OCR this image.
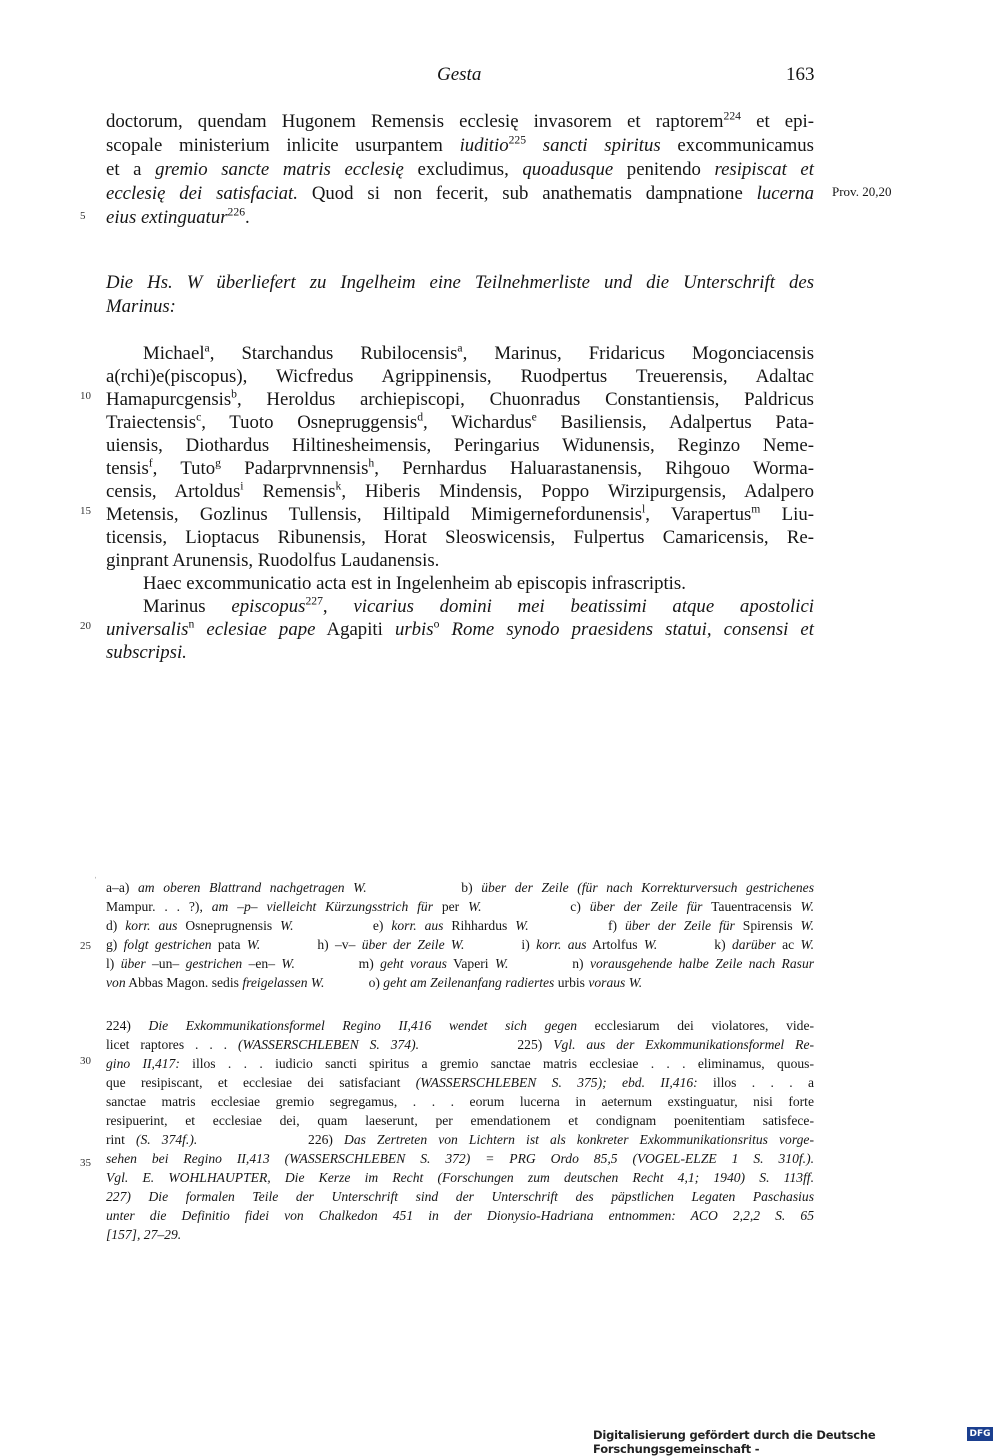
Gesta	163
Prov. 20,20
5
10
15
20
25
30
35
doctorum, quendam Hugonem Remensis ecclesię invasorem et raptorem$^{224}$ et epi-
scopale ministerium inlicite usurpantem iuditio$^{225}$ sancti spiritus excommunicamus
et a gremio sancte matris ecclesię excludimus, quoadusque penitendo resipiscat et
ecclesię dei satisfaciat. Quod si non fecerit, sub anathematis dampnatione lucerna
eius extinguatur$^{226}$.
Die Hs. W überliefert zu Ingelheim eine Teilnehmerliste und die Unterschrift des
Marinus:
Michael$^a$, Starchandus Rubilocensis$^a$, Marinus, Fridaricus Mogonciacensis
a(rchi)e(piscopus), Wicfredus Agrippinensis, Ruodpertus Treuerensis, Adaltac
Hamapurcgensis$^b$, Heroldus archiepiscopi, Chuonradus Constantiensis, Paldricus
Traiectensis$^c$, Tuoto Osnepruggensis$^d$, Wichardus$^e$ Basiliensis, Adalpertus Pata-
uiensis, Diothardus Hiltinesheimensis, Peringarius Widunensis, Reginzo Neme-
tensis$^f$, Tuto$^g$ Padarprvnnensis$^h$, Pernhardus Haluarastanensis, Rihgouo Worma-
censis, Artoldus$^i$ Remensis$^k$, Hiberis Mindensis, Poppo Wirzipurgensis, Adalpero
Metensis, Gozlinus Tullensis, Hiltipald Mimigernefordunensis$^l$, Varapertus$^m$ Liu-
ticensis, Lioptacus Ribunensis, Horat Sleoswicensis, Fulpertus Camaricensis, Re-
ginprant Arunensis, Ruodolfus Laudanensis.
Haec excommunicatio acta est in Ingelenheim ab episcopis infrascriptis.
Marinus episcopus$^{227}$, vicarius domini mei beatissimi atque apostolici
universalis$^n$ eclesiae pape Agapiti urbis$^o$ Rome synodo praesidens statui, consensi et
subscripsi.
ˈ a–a) am oberen Blattrand nachgetragen W.           b) über der Zeile (für nach Korrekturversuch gestrichenes
Mampur. . . ?), am –p– vielleicht Kürzungsstrich für per W.          c) über der Zeile für Tauentracensis W.
d) korr. aus Osneprugnensis W.          e) korr. aus Rihhardus W.          f) über der Zeile für Spirensis W.
g) folgt gestrichen pata W.         h) –v– über der Zeile W.         i) korr. aus Artolfus W.         k) darüber ac W.
l) über –un– gestrichen –en– W.          m) geht voraus Vaperi W.          n) vorausgehende halbe Zeile nach Rasur
von Abbas Magon. sedis freigelassen W.             o) geht am Zeilenanfang radiertes urbis voraus W.
224) Die Exkommunikationsformel Regino II,416 wendet sich gegen ecclesiarum dei violatores, vide-
licet raptores . . . (WASSERSCHLEBEN S. 374).         225) Vgl. aus der Exkommunikationsformel Re-
gino II,417: illos . . . iudicio sancti spiritus a gremio sanctae matris ecclesiae . . . eliminamus, quous-
que resipiscant, et ecclesiae dei satisfaciant (WASSERSCHLEBEN S. 375); ebd. II,416: illos . . . a
sanctae matris ecclesiae gremio segregamus, . . . eorum lucerna in aeternum exstinguatur, nisi forte
resipuerint, et ecclesiae dei, quam laeserunt, per emendationem et condignam poenitentiam satisfece-
rint (S. 374f.).          226) Das Zertreten von Lichtern ist als konkreter Exkommunikationsritus vorge-
sehen bei Regino II,413 (WASSERSCHLEBEN S. 372) = PRG Ordo 85,5 (VOGEL-ELZE 1 S. 310f.).
Vgl. E. WOHLHAUPTER, Die Kerze im Recht (Forschungen zum deutschen Recht 4,1; 1940) S. 113ff.
227) Die formalen Teile der Unterschrift sind der Unterschrift des päpstlichen Legaten Paschasius
unter die Definitio fidei von Chalkedon 451 in der Dionysio-Hadriana entnommen: ACO 2,2,2 S. 65
[157], 27–29.
Digitalisierung gefördert durch die Deutsche Forschungsgemeinschaft -
DFG
